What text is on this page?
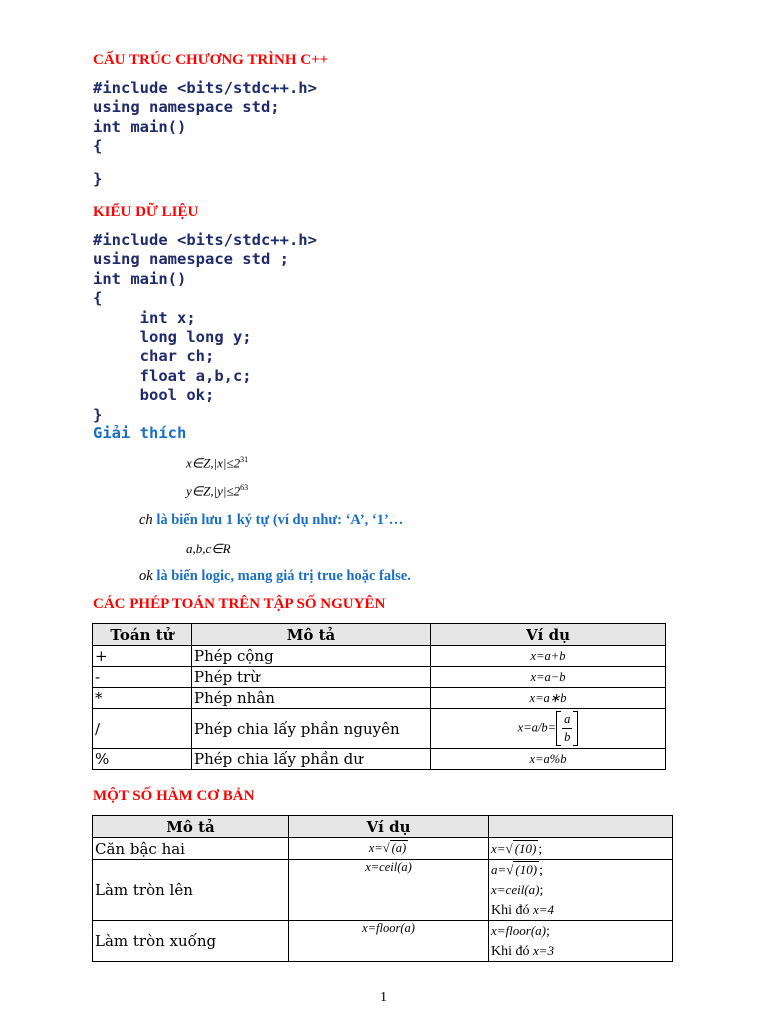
CẤU TRÚC CHƯƠNG TRÌNH C++
#include <bits/stdc++.h>
using namespace std;
int main()
{

}
KIỂU DỮ LIỆU
#include <bits/stdc++.h>
using namespace std ;
int main()
{
int x;
long long y;
char ch;
float a,b,c;
bool ok;
}
Giải thích
$x\in Z,|x|\le 2^{31}$
$y\in Z,|y|\le 2^{63}$
ch là biến lưu 1 ký tự (ví dụ như: ‘A’, ‘1’…
a,b,c∈R
ok là biến logic, mang giá trị true hoặc false.
CÁC PHÉP TOÁN TRÊN TẬP SỐ NGUYÊN
Toán tử	Mô tả	Ví dụ
+	Phép cộng	x=a+b
-	Phép trừ	x=a−b
*	Phép nhân	x=a∗b
/	Phép chia lấy phần nguyên	$x=a/b= \frac{a}{b}$

%	Phép chia lấy phần dư	x=a%b
MỘT SỐ HÀM CƠ BẢN
Mô tả	Ví dụ	
Căn bậc hai	x=√ (a)	x=√ (10) ;
Làm tròn lên	x=ceil(a)	a=√ (10) ;
x=ceil(a);
Khi đó x=4

Làm tròn xuống	x=floor(a)	x=floor(a);
Khi đó x=3
1
